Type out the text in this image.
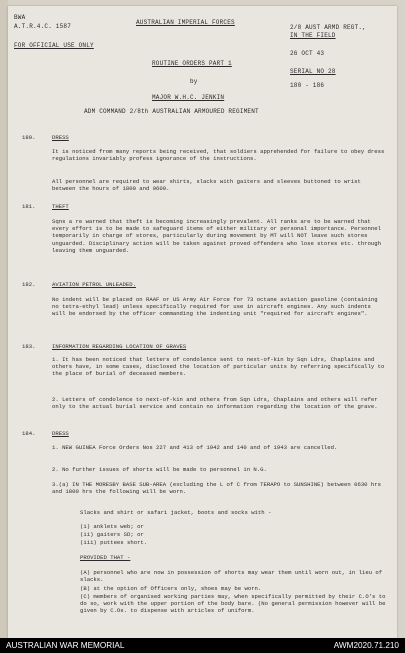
BWA
A.T.R.4.C. 1587
FOR OFFICIAL USE ONLY
AUSTRALIAN IMPERIAL FORCES
2/8 AUST ARMD REGT.,
IN THE FIELD
26 OCT 43
SERIAL NO 28
180 - 186
ROUTINE ORDERS PART 1
by
MAJOR W.H.C. JENKIN
ADM COMMAND 2/8th AUSTRALIAN ARMOURED REGIMENT
180.	DRESS
It is noticed from many reports being received, that soldiers apprehended for failure to obey dress regulations invariably profess ignorance of the instructions.
All personnel are required to wear shirts, slacks with gaiters and sleeves buttoned to wrist between the hours of 1800 and 0600.
181.	THEFT
Sqns a re warned that theft is becoming increasingly prevalent. All ranks are to be warned that every effort is to be made to safeguard items of either military or personal importance. Personnel temporarily in charge of stores, particularly during movement by MT will NOT leave such stores unguarded. Disciplinary action will be taken against proved offenders who lose stores etc. through leaving them unguarded.
182.	AVIATION PETROL UNLEADED.
No indent will be placed on RAAF or US Army Air Force for 73 octane aviation gasoline (containing no tetra-ethyl lead) unless specifically required for use in aircraft engines. Any such indents will be endorsed by the officer commanding the indenting unit "required for aircraft engines".
183.	INFORMATION REGARDING LOCATION OF GRAVES
1. It has been noticed that letters of condolence sent to next-of-kin by Sqn Ldrs, Chaplains and others have, in some cases, disclosed the location of particular units by referring specifically to the place of burial of deceased members.
2. Letters of condolence to next-of-kin and others from Sqn Ldrs, Chaplains and others will refer only to the actual burial service and contain no information regarding the location of the grave.
184.	DRESS
1. NEW GUINEA Force Orders Nos 227 and 413 of 1942 and 140 and of 1943 are cancelled.
2. No further issues of shorts will be made to personnel in N.G.
3.(a) IN THE MORESBY BASE SUB-AREA (excluding the L of C from TERAPO to SUNSHINE) between 0630 hrs and 1800 hrs the following will be worn.
Slacks and shirt or safari jacket, boots and socks with -
(i) anklets web; or
(ii) gaiters SD; or
(iii) puttees short.
PROVIDED THAT -
(A) personnel who are now in possession of shorts may wear them until worn out, in lieu of slacks.
(B) at the option of Officers only, shoes may be worn.
(C) members of organised working parties may, when specifically permitted by their C.O's to do so, work with the upper portion of the body bare. (No general permission however will be given by C.Os. to dispense with articles of uniform.
AUSTRALIAN WAR MEMORIAL	AWM2020.71.210
